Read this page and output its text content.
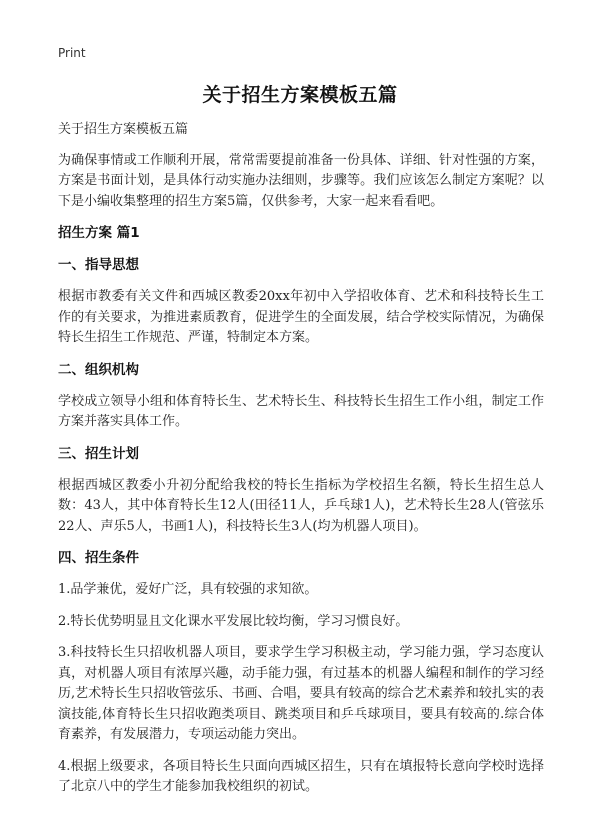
Print
关于招生方案模板五篇

关于招生方案模板五篇

为确保事情或工作顺利开展，常常需要提前准备一份具体、详细、针对性强的方案，方案是书面计划，是具体行动实施办法细则，步骤等。我们应该怎么制定方案呢？以下是小编收集整理的招生方案5篇，仅供参考，大家一起来看看吧。

招生方案 篇1
一、指导思想

根据市教委有关文件和西城区教委20xx年初中入学招收体育、艺术和科技特长生工作的有关要求，为推进素质教育，促进学生的全面发展，结合学校实际情况，为确保特长生招生工作规范、严谨，特制定本方案。

二、组织机构

学校成立领导小组和体育特长生、艺术特长生、科技特长生招生工作小组，制定工作方案并落实具体工作。

三、招生计划

根据西城区教委小升初分配给我校的特长生指标为学校招生名额，特长生招生总人数：43人，其中体育特长生12人(田径11人，乒乓球1人)，艺术特长生28人(管弦乐22人、声乐5人，书画1人)，科技特长生3人(均为机器人项目)。

四、招生条件

1.品学兼优，爱好广泛，具有较强的求知欲。

2.特长优势明显且文化课水平发展比较均衡，学习习惯良好。

3.科技特长生只招收机器人项目，要求学生学习积极主动，学习能力强，学习态度认真，对机器人项目有浓厚兴趣，动手能力强，有过基本的机器人编程和制作的学习经历,艺术特长生只招收管弦乐、书画、合唱，要具有较高的综合艺术素养和较扎实的表演技能,体育特长生只招收跑类项目、跳类项目和乒乓球项目，要具有较高的.综合体育素养，有发展潜力，专项运动能力突出。

4.根据上级要求，各项目特长生只面向西城区招生，只有在填报特长意向学校时选择了北京八中的学生才能参加我校组织的初试。
